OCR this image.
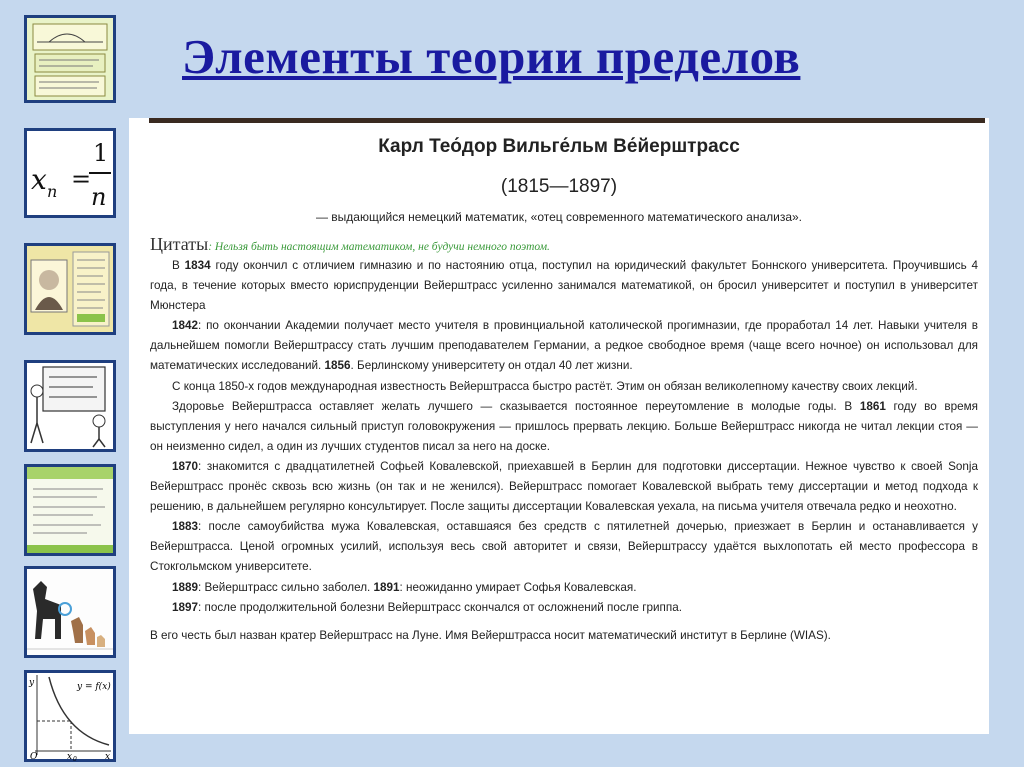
Элементы теории пределов
x n =
1
n
y
x
O	x 0
y = f(x)
Карл Тео́дор Вильге́льм Ве́йерштрасс
(1815—1897)
— выдающийся немецкий математик, «отец современного математического анализа».
Цитаты: Нельзя быть настоящим математиком, не будучи немного поэтом.

В 1834 году окончил с отличием гимназию и по настоянию отца, поступил на юридический факультет Боннского университета. Проучившись 4 года, в течение которых вместо юриспруденции Вейерштрасс усиленно занимался математикой, он бросил университет и поступил в университет Мюнстера

1842: по окончании Академии получает место учителя в провинциальной католической прогимназии, где проработал 14 лет. Навыки учителя в дальнейшем помогли Вейерштрассу стать лучшим преподавателем Германии, а редкое свободное время (чаще всего ночное) он использовал для математических исследований. 1856. Берлинскому университету он отдал 40 лет жизни.

С конца 1850-х годов международная известность Вейерштрасса быстро растёт. Этим он обязан великолепному качеству своих лекций.

Здоровье Вейерштрасса оставляет желать лучшего — сказывается постоянное переутомление в молодые годы. В 1861 году во время выступления у него начался сильный приступ головокружения — пришлось прервать лекцию. Больше Вейерштрасс никогда не читал лекции стоя — он неизменно сидел, а один из лучших студентов писал за него на доске.

1870: знакомится с двадцатилетней Софьей Ковалевской, приехавшей в Берлин для подготовки диссертации. Нежное чувство к своей Sonja Вейерштрасс пронёс сквозь всю жизнь (он так и не женился). Вейерштрасс помогает Ковалевской выбрать тему диссертации и метод подхода к решению, в дальнейшем регулярно консультирует. После защиты диссертации Ковалевская уехала, на письма учителя отвечала редко и неохотно.

1883: после самоубийства мужа Ковалевская, оставшаяся без средств с пятилетней дочерью, приезжает в Берлин и останавливается у Вейерштрасса. Ценой огромных усилий, используя весь свой авторитет и связи, Вейерштрассу удаётся выхлопотать ей место профессора в Стокгольмском университете.

1889: Вейерштрасс сильно заболел. 1891: неожиданно умирает Софья Ковалевская.

1897: после продолжительной болезни Вейерштрасс скончался от осложнений после гриппа.

В его честь был назван кратер Вейерштрасс на Луне. Имя Вейерштрасса носит математический институт в Берлине (WIAS).
